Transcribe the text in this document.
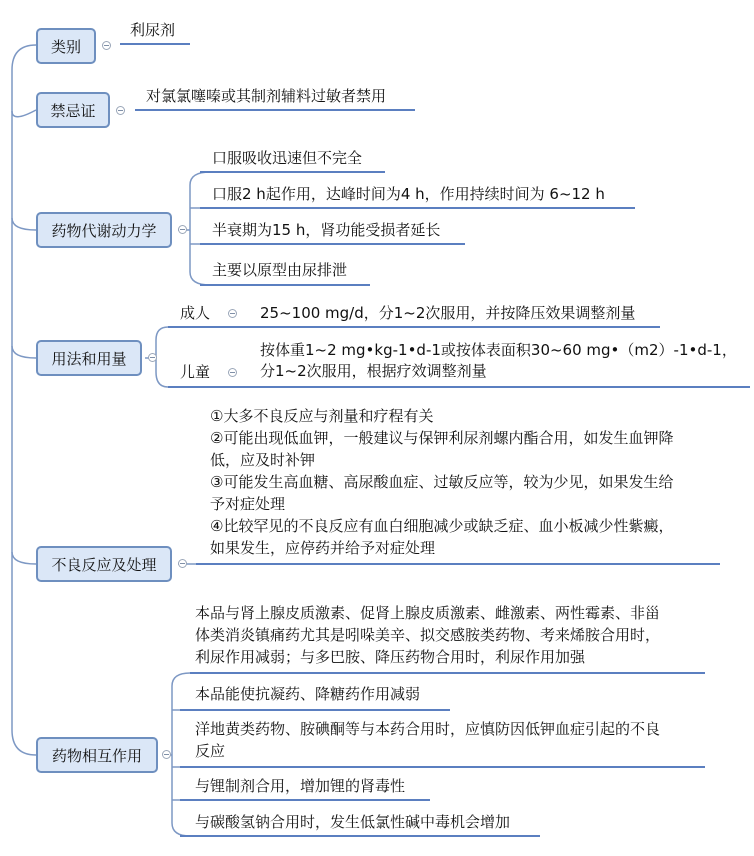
类别
利尿剂
禁忌证
对氯氯噻嗪或其制剂辅料过敏者禁用
药物代谢动力学
口服吸收迅速但不完全
口服2 h起作用，达峰时间为4 h，作用持续时间为 6~12 h
半衰期为15 h，肾功能受损者延长
主要以原型由尿排泄
用法和用量
成人	25~100 mg/d，分1~2次服用，并按降压效果调整剂量
儿童
按体重1~2 mg•kg-1•d-1或按体表面积30~60 mg•（m2）-1•d-1，
分1~2次服用，根据疗效调整剂量
不良反应及处理
①大多不良反应与剂量和疗程有关
②可能出现低血钾，一般建议与保钾利尿剂螺内酯合用，如发生血钾降
低，应及时补钾
③可能发生高血糖、高尿酸血症、过敏反应等，较为少见，如果发生给
予对症处理
④比较罕见的不良反应有血白细胞减少或缺乏症、血小板减少性紫癜，
如果发生，应停药并给予对症处理
药物相互作用
本品与肾上腺皮质激素、促肾上腺皮质激素、雌激素、两性霉素、非甾
体类消炎镇痛药尤其是吲哚美辛、拟交感胺类药物、考来烯胺合用时，
利尿作用减弱；与多巴胺、降压药物合用时，利尿作用加强
本品能使抗凝药、降糖药作用减弱
洋地黄类药物、胺碘酮等与本药合用时，应慎防因低钾血症引起的不良
反应
与锂制剂合用，增加锂的肾毒性
与碳酸氢钠合用时，发生低氯性碱中毒机会增加
